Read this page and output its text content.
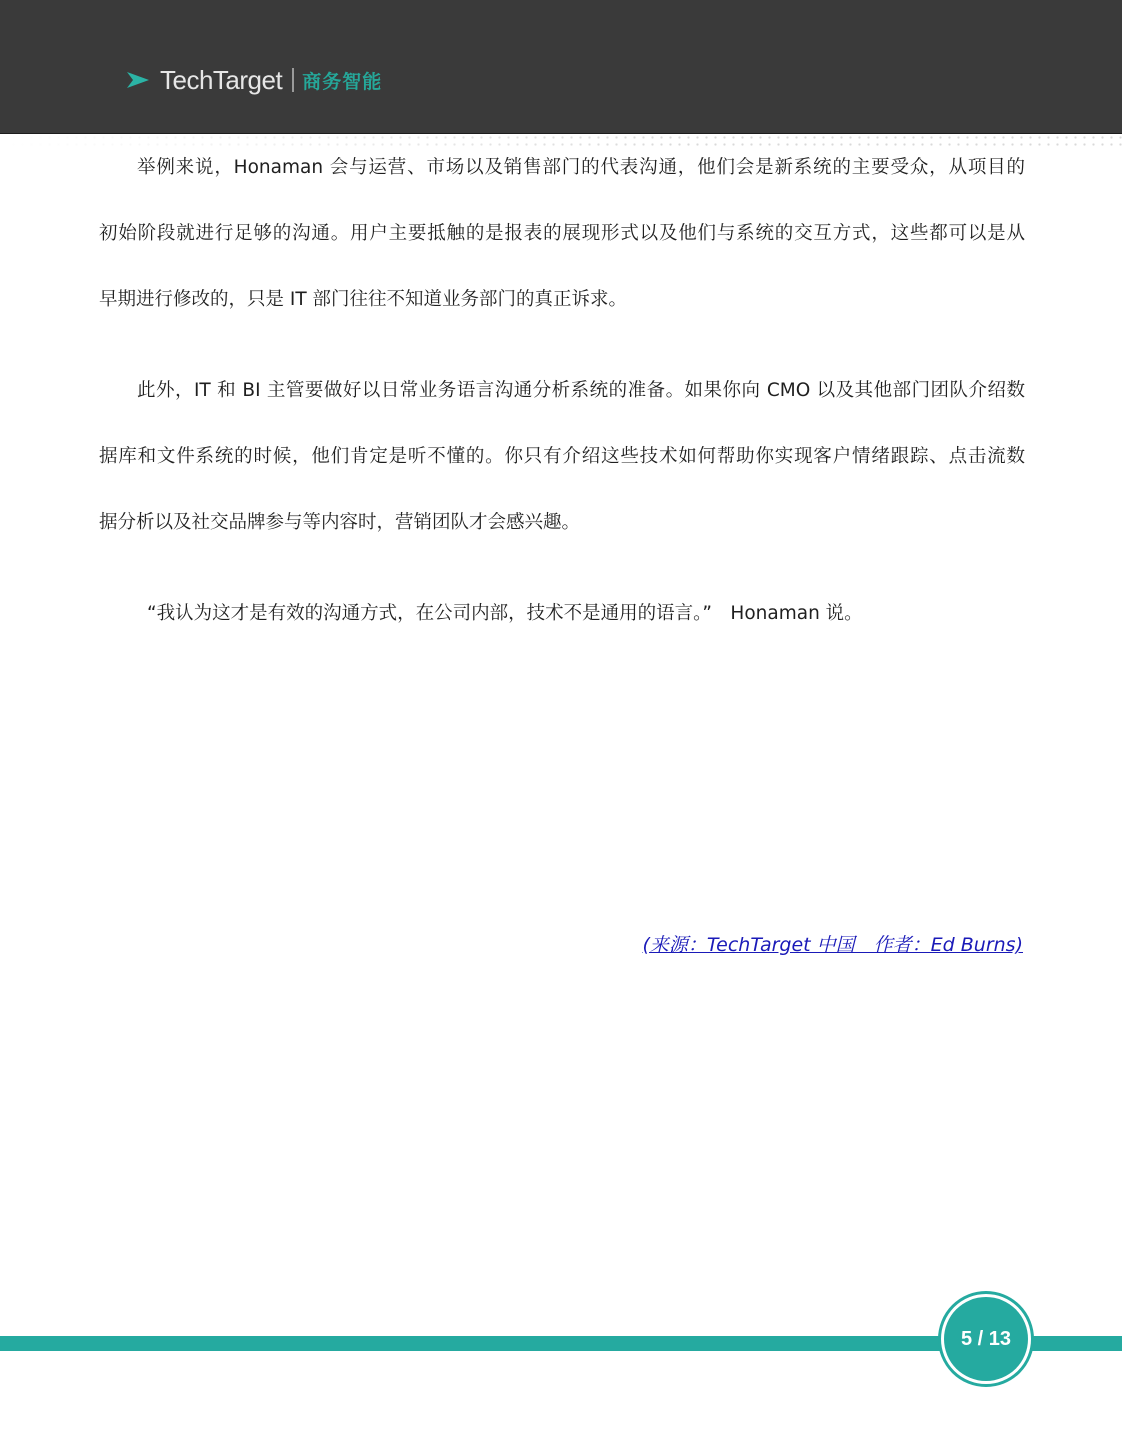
TechTarget 商务智能

举例来说，Honaman 会与运营、市场以及销售部门的代表沟通，他们会是新系统的主要受众，从项目的
初始阶段就进行足够的沟通。用户主要抵触的是报表的展现形式以及他们与系统的交互方式，这些都可以是从
早期进行修改的，只是 IT 部门往往不知道业务部门的真正诉求。

此外，IT 和 BI 主管要做好以日常业务语言沟通分析系统的准备。如果你向 CMO 以及其他部门团队介绍数
据库和文件系统的时候，他们肯定是听不懂的。你只有介绍这些技术如何帮助你实现客户情绪跟踪、点击流数
据分析以及社交品牌参与等内容时，营销团队才会感兴趣。

“我认为这才是有效的沟通方式，在公司内部，技术不是通用的语言。”　Honaman 说。

(来源：TechTarget 中国　作者：Ed Burns)
5 / 13
